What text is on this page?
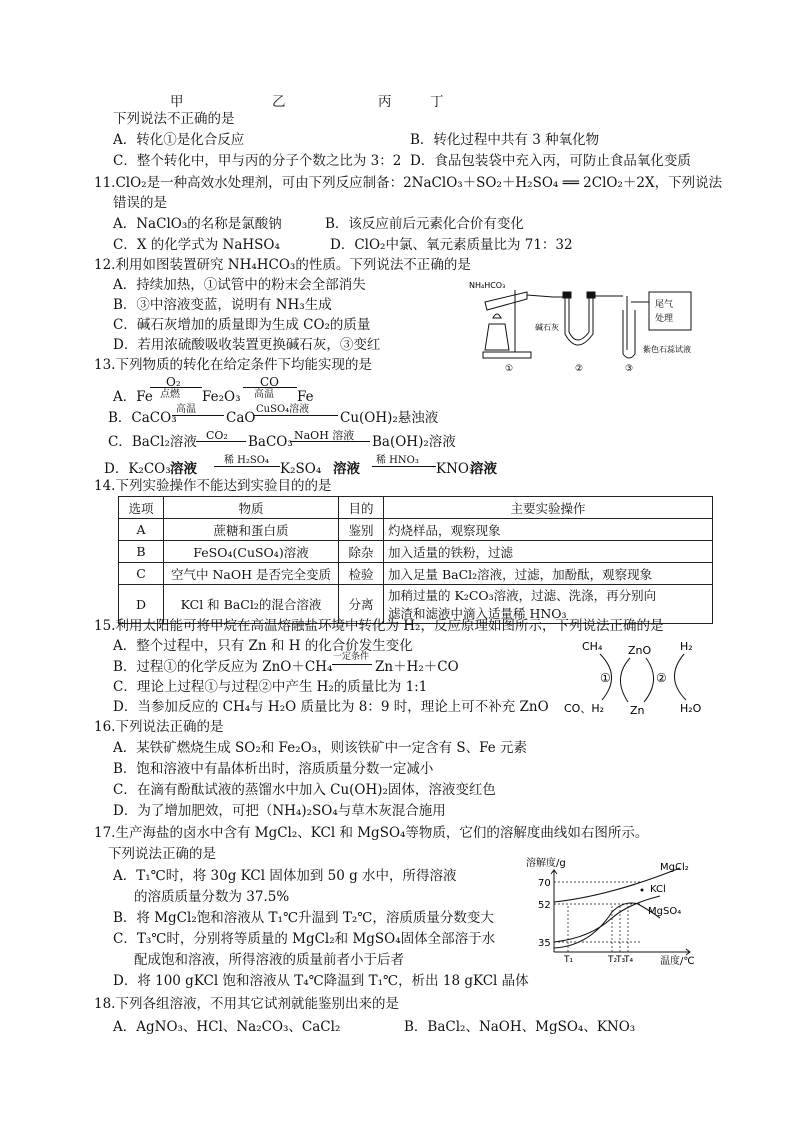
甲	乙	丙	丁
下列说法不正确的是
A．转化①是化合反应	B．转化过程中共有 3 种氧化物
C．整个转化中，甲与丙的分子个数之比为 3：2 D．食品包装袋中充入丙，可防止食品氧化变质
11.ClO₂是一种高效水处理剂，可由下列反应制备：2NaClO₃＋SO₂＋H₂SO₄ ══ 2ClO₂＋2X，下列说法
错误的是
A．NaClO₃的名称是氯酸钠	B．该反应前后元素化合价有变化
C．X 的化学式为 NaHSO₄	D．ClO₂中氯、氧元素质量比为 71：32
12.利用如图装置研究 NH₄HCO₃的性质。下列说法不正确的是
A．持续加热，①试管中的粉末会全部消失
B．③中溶液变蓝，说明有 NH₃生成
C．碱石灰增加的质量即为生成 CO₂的质量
D．若用浓硫酸吸收装置更换碱石灰，③变红
NH₄HCO₃
碱石灰
尾气
处理
紫色石蕊试液
①	②	③
13.下列物质的转化在给定条件下均能实现的是
A．Fe
O₂
点燃 Fe₂O₃
CO
高温 Fe
B．CaCO₃
高温
CaO
CuSO₄溶液
Cu(OH)₂悬浊液
C．BaCl₂溶液 CO₂ BaCO₃ NaOH 溶液 Ba(OH)₂溶液
D．K₂CO₃ 溶液
稀 H₂SO₄
K₂SO₄ 溶液
稀 HNO₃
KNO₃
溶液
14.下列实验操作不能达到实验目的的是
选项	物质	目的	主要实验操作
A	蔗糖和蛋白质	鉴别	灼烧样品，观察现象
B	FeSO₄(CuSO₄)溶液	除杂	加入适量的铁粉，过滤
C	空气中 NaOH 是否完全变质	检验	加入足量 BaCl₂溶液，过滤，加酚酞，观察现象
D	KCl 和 BaCl₂的混合溶液	分离	加稍过量的 K₂CO₃溶液，过滤、洗涤，再分别向
滤渣和滤液中滴入适量稀 HNO₃
15.利用太阳能可将甲烷在高温熔融盐环境中转化为 H₂，反应原理如图所示，下列说法正确的是
A．整个过程中，只有 Zn 和 H 的化合价发生变化
B．过程①的化学反应为 ZnO＋CH₄
一定条件
Zn＋H₂＋CO
C．理论上过程①与过程②中产生 H₂的质量比为 1:1
D．当参加反应的 CH₄与 H₂O 质量比为 8：9 时，理论上可不补充 ZnO
CH₄ ZnO	H₂
CO、H₂ Zn	H₂O
①	②
16.下列说法正确的是
A．某铁矿燃烧生成 SO₂和 Fe₂O₃，则该铁矿中一定含有 S、Fe 元素
B．饱和溶液中有晶体析出时，溶质质量分数一定减小
C．在滴有酚酞试液的蒸馏水中加入 Cu(OH)₂固体，溶液变红色
D．为了增加肥效，可把（NH₄)₂SO₄与草木灰混合施用
17.生产海盐的卤水中含有 MgCl₂、KCl 和 MgSO₄等物质，它们的溶解度曲线如右图所示。
下列说法正确的是
A．T₁℃时，将 30g KCl 固体加到 50 g 水中，所得溶液
的溶质质量分数为 37.5%
B．将 MgCl₂饱和溶液从 T₁℃升温到 T₂℃，溶质质量分数变大
C．T₃℃时，分别将等质量的 MgCl₂和 MgSO₄固体全部溶于水
配成饱和溶液，所得溶液的质量前者小于后者
D．将 100 gKCl 饱和溶液从 T₄℃降温到 T₁℃，析出 18 gKCl 晶体
溶解度/g
温度/℃
35
52
70
T₁	T₂
T₃
T₄
MgCl₂
KCl
MgSO₄
18.下列各组溶液，不用其它试剂就能鉴别出来的是
A．AgNO₃、HCl、Na₂CO₃、CaCl₂	B．BaCl₂、NaOH、MgSO₄、KNO₃
